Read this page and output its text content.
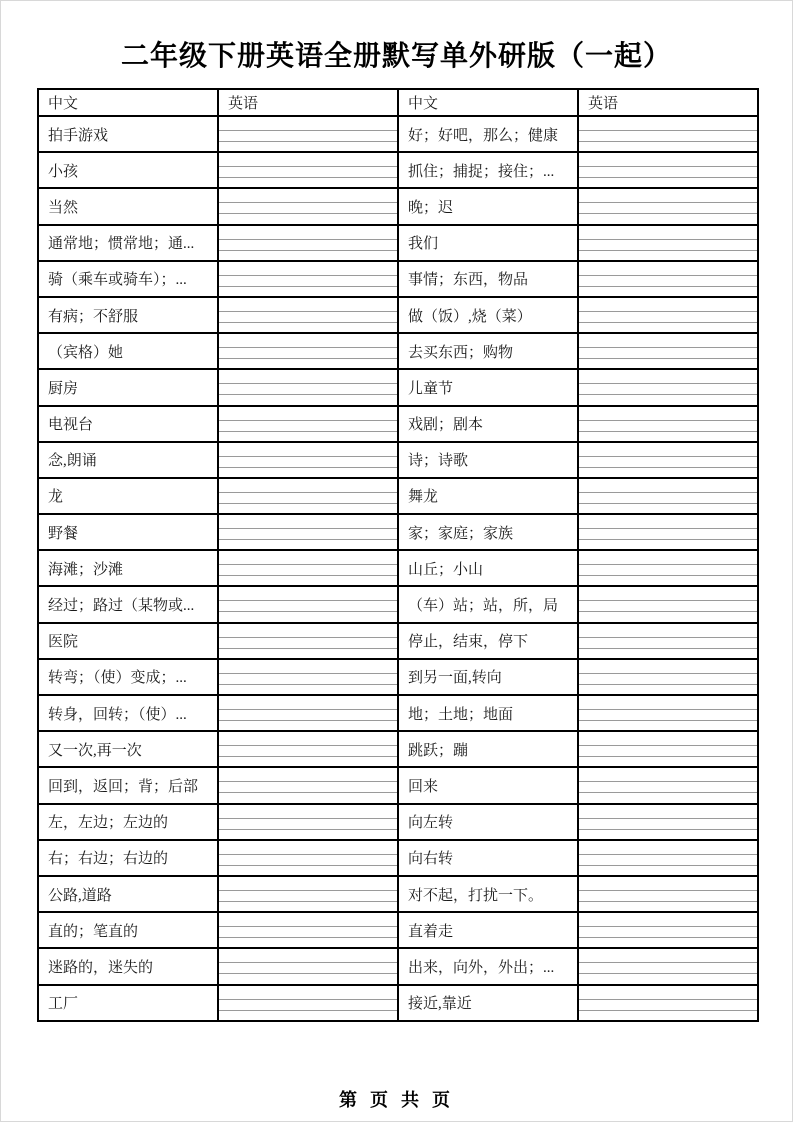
二年级下册英语全册默写单外研版（一起）
中文	英语	中文	英语
拍手游戏		好；好吧，那么；健康	
小孩		抓住；捕捉；接住；...	
当然		晚；迟	
通常地；惯常地；通...		我们	
骑（乘车或骑车）；...		事情；东西，物品	
有病；不舒服		做（饭）,烧（菜）	
（宾格）她		去买东西；购物	
厨房		儿童节	
电视台		戏剧；剧本	
念,朗诵		诗；诗歌	
龙		舞龙	
野餐		家；家庭；家族	
海滩；沙滩		山丘；小山	
经过；路过（某物或...		（车）站；站，所，局	
医院		停止，结束，停下	
转弯；（使）变成；...		到另一面,转向	
转身，回转；（使）...		地；土地；地面	
又一次,再一次		跳跃；蹦	
回到，返回；背；后部		回来	
左，左边；左边的		向左转	
右；右边；右边的		向右转	
公路,道路		对不起，打扰一下。	
直的；笔直的		直着走	
迷路的，迷失的		出来，向外，外出；...	
工厂		接近,靠近	
第 页 共 页
